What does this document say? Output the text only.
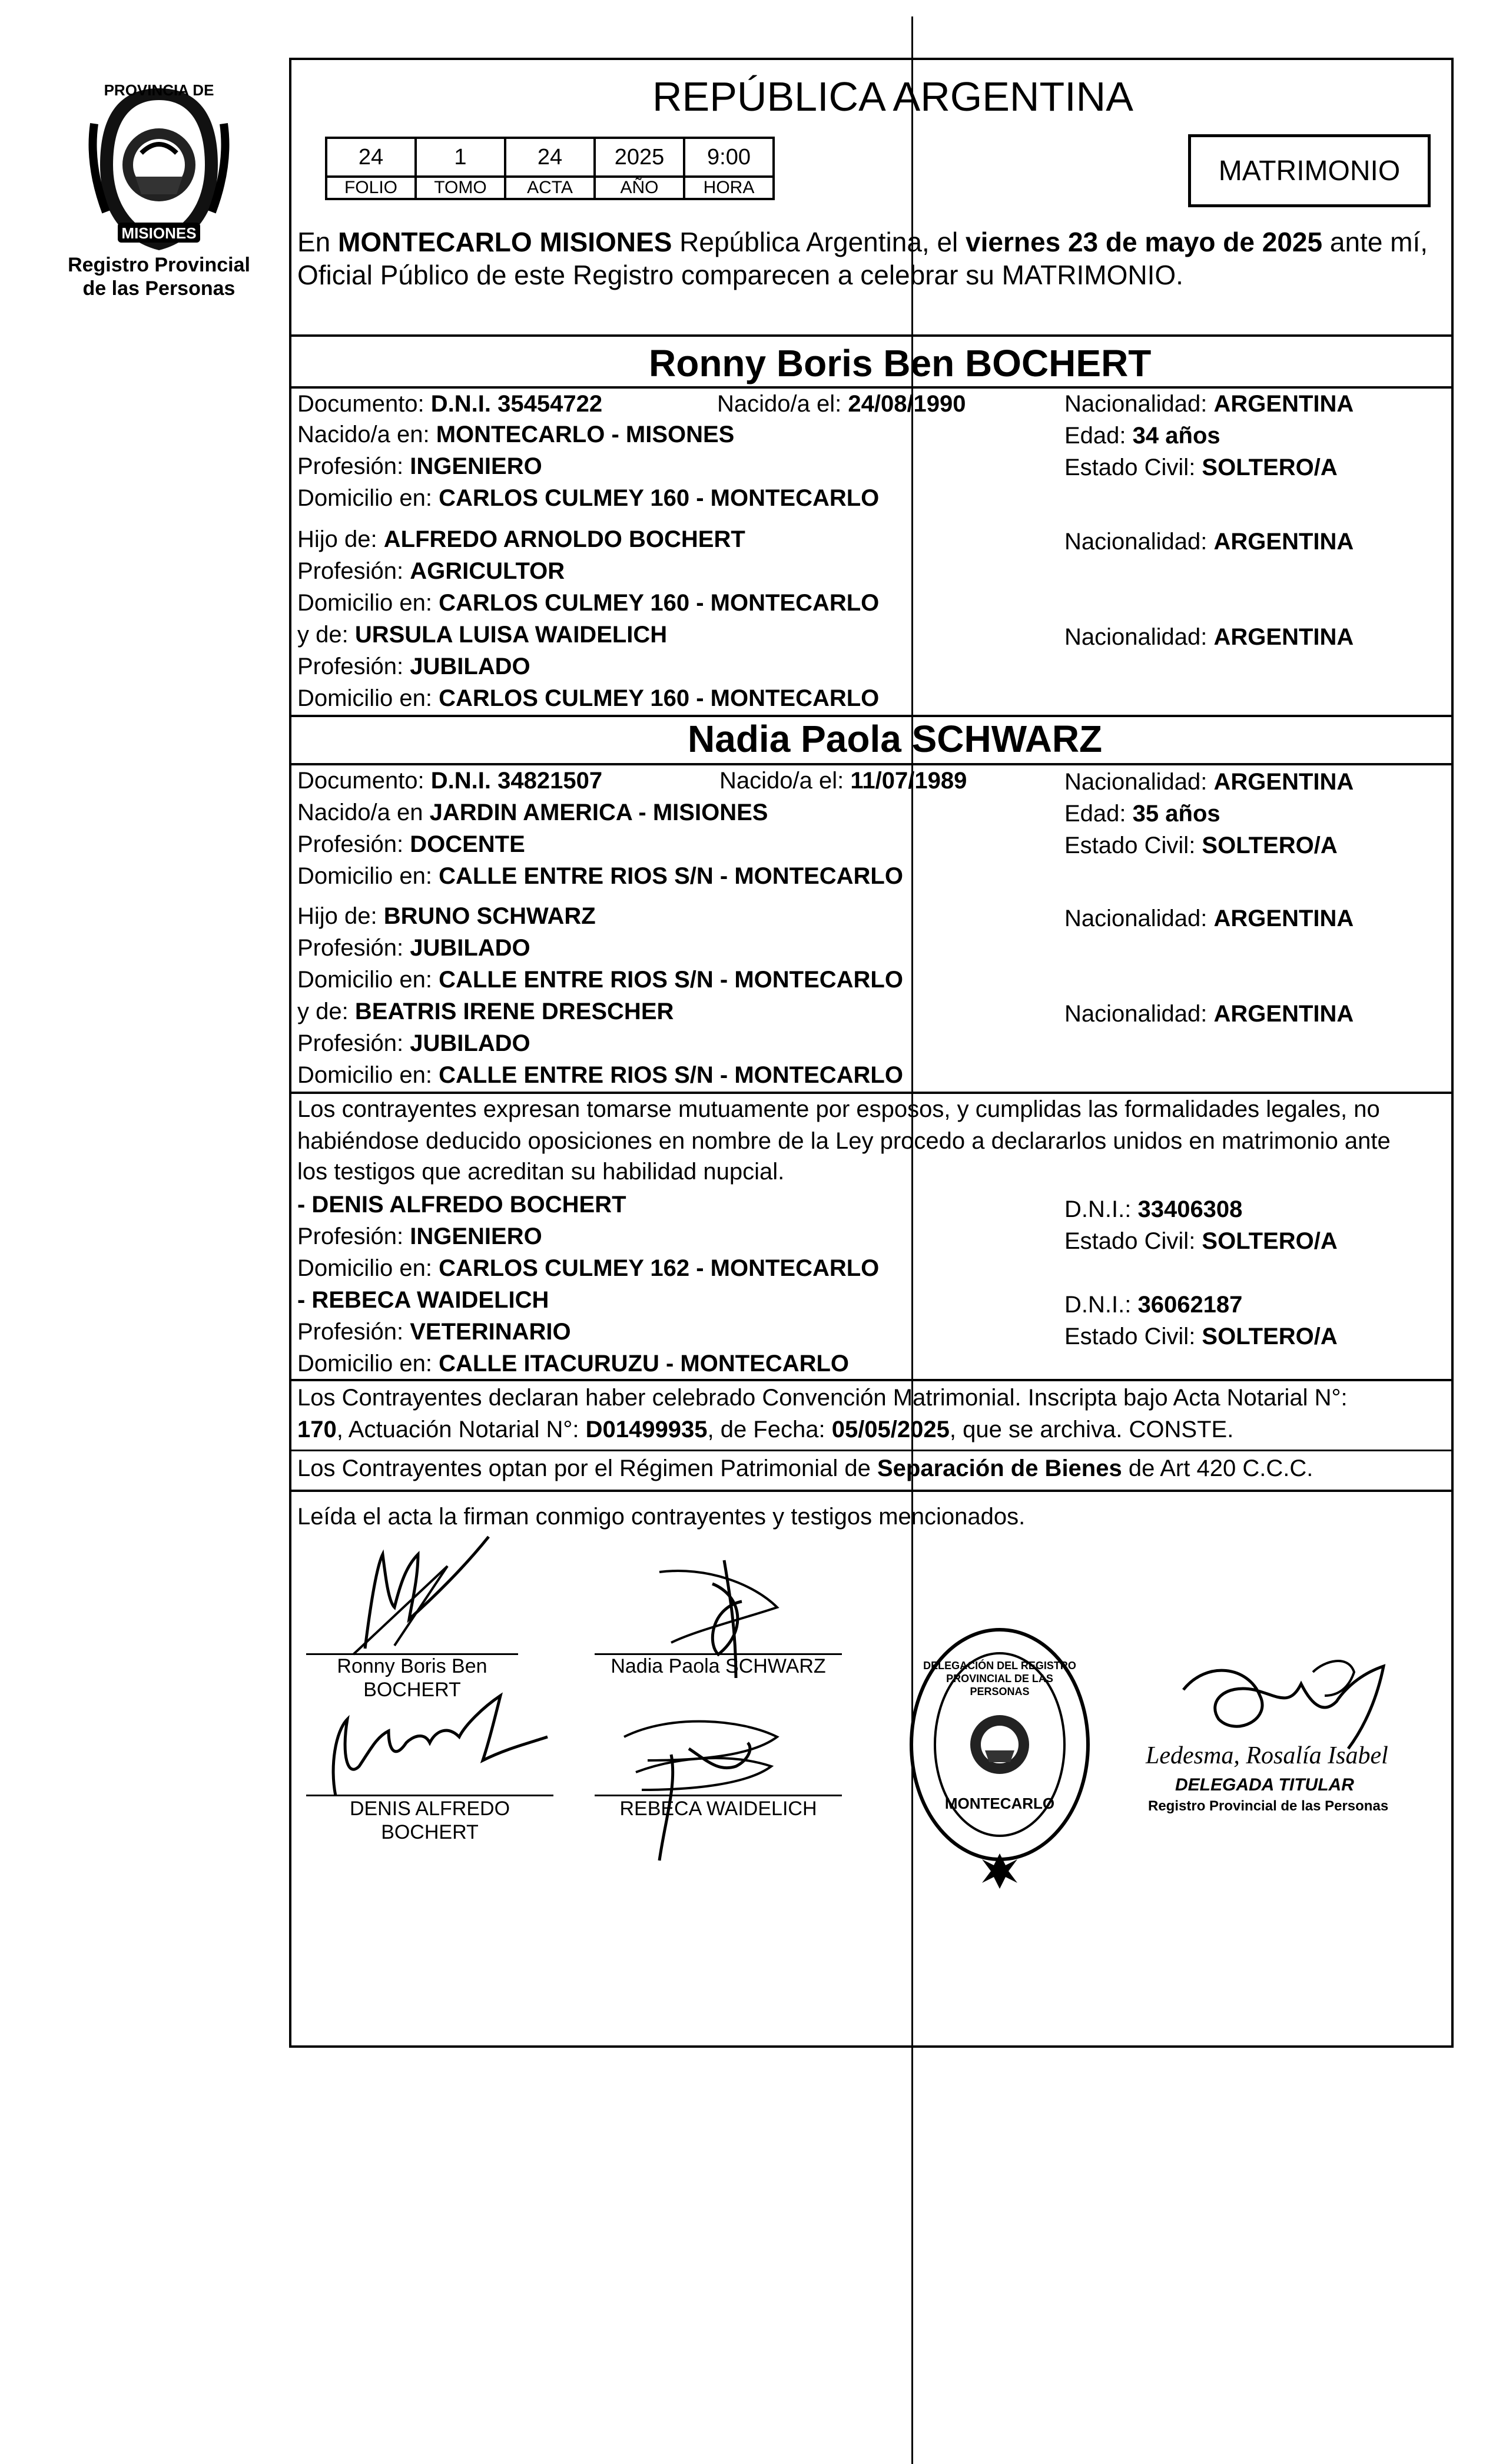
PROVINCIA DE
MISIONES
Registro Provincial
de las Personas
REPÚBLICA ARGENTINA
24	1	24	2025	9:00
FOLIO	TOMO	ACTA	AÑO	HORA
MATRIMONIO
En MONTECARLO MISIONES República Argentina, el viernes 23 de mayo de 2025 ante mí,
Oficial Público de este Registro comparecen a celebrar su MATRIMONIO.
Ronny Boris Ben BOCHERT
Documento: D.N.I. 35454722	Nacido/a el: 24/08/1990	Nacionalidad: ARGENTINA
Nacido/a en: MONTECARLO - MISONES	Edad: 34 años
Profesión: INGENIERO	Estado Civil: SOLTERO/A
Domicilio en: CARLOS CULMEY 160 - MONTECARLO
Hijo de: ALFREDO ARNOLDO BOCHERT	Nacionalidad: ARGENTINA
Profesión: AGRICULTOR
Domicilio en: CARLOS CULMEY 160 - MONTECARLO
y de: URSULA LUISA WAIDELICH	Nacionalidad: ARGENTINA
Profesión: JUBILADO
Domicilio en: CARLOS CULMEY 160 - MONTECARLO
Nadia Paola SCHWARZ
Documento: D.N.I. 34821507	Nacido/a el: 11/07/1989	Nacionalidad: ARGENTINA
Nacido/a en JARDIN AMERICA - MISIONES	Edad: 35 años
Profesión: DOCENTE	Estado Civil: SOLTERO/A
Domicilio en: CALLE ENTRE RIOS S/N - MONTECARLO
Hijo de: BRUNO SCHWARZ	Nacionalidad: ARGENTINA
Profesión: JUBILADO
Domicilio en: CALLE ENTRE RIOS S/N - MONTECARLO
y de: BEATRIS IRENE DRESCHER	Nacionalidad: ARGENTINA
Profesión: JUBILADO
Domicilio en: CALLE ENTRE RIOS S/N - MONTECARLO
Los contrayentes expresan tomarse mutuamente por esposos, y cumplidas las formalidades legales, no
habiéndose deducido oposiciones en nombre de la Ley procedo a declararlos unidos en matrimonio ante
los testigos que acreditan su habilidad nupcial.
- DENIS ALFREDO BOCHERT	D.N.I.: 33406308
Profesión: INGENIERO	Estado Civil: SOLTERO/A
Domicilio en: CARLOS CULMEY 162 - MONTECARLO
- REBECA WAIDELICH	D.N.I.: 36062187
Profesión: VETERINARIO	Estado Civil: SOLTERO/A
Domicilio en: CALLE ITACURUZU - MONTECARLO
Los Contrayentes declaran haber celebrado Convención Matrimonial. Inscripta bajo Acta Notarial N°:
170, Actuación Notarial N°: D01499935, de Fecha: 05/05/2025, que se archiva. CONSTE.
Los Contrayentes optan por el Régimen Patrimonial de Separación de Bienes de Art 420 C.C.C.
Leída el acta la firman conmigo contrayentes y testigos mencionados.
Ronny Boris Ben
BOCHERT
Nadia Paola SCHWARZ
DENIS ALFREDO
BOCHERT
REBECA WAIDELICH
DELEGACIÓN DEL REGISTRO PROVINCIAL DE LAS PERSONAS
MONTECARLO
Ledesma, Rosalía Isabel
DELEGADA TITULAR
Registro Provincial de las Personas
